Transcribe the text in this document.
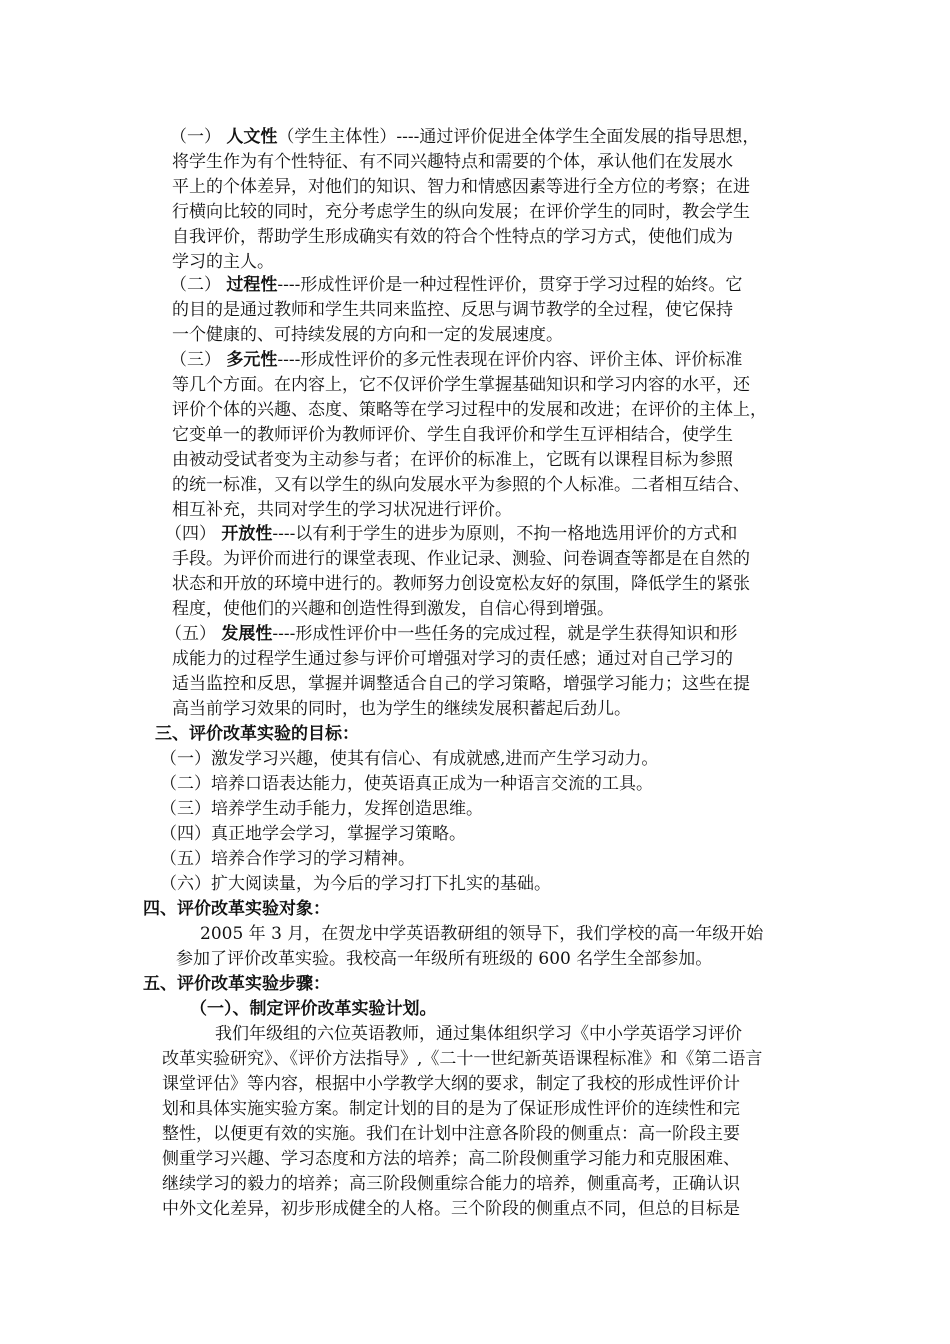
（一） 人文性（学生主体性）----通过评价促进全体学生全面发展的指导思想，
将学生作为有个性特征、有不同兴趣特点和需要的个体，承认他们在发展水
平上的个体差异，对他们的知识、智力和情感因素等进行全方位的考察；在进
行横向比较的同时，充分考虑学生的纵向发展；在评价学生的同时，教会学生
自我评价，帮助学生形成确实有效的符合个性特点的学习方式，使他们成为
学习的主人。
（二） 过程性----形成性评价是一种过程性评价，贯穿于学习过程的始终。它
的目的是通过教师和学生共同来监控、反思与调节教学的全过程，使它保持
一个健康的、可持续发展的方向和一定的发展速度。
（三） 多元性----形成性评价的多元性表现在评价内容、评价主体、评价标准
等几个方面。在内容上，它不仅评价学生掌握基础知识和学习内容的水平，还
评价个体的兴趣、态度、策略等在学习过程中的发展和改进；在评价的主体上，
它变单一的教师评价为教师评价、学生自我评价和学生互评相结合，使学生
由被动受试者变为主动参与者；在评价的标准上，它既有以课程目标为参照
的统一标准，又有以学生的纵向发展水平为参照的个人标准。二者相互结合、
相互补充，共同对学生的学习状况进行评价。
（四） 开放性----以有利于学生的进步为原则，不拘一格地选用评价的方式和
手段。为评价而进行的课堂表现、作业记录、测验、问卷调查等都是在自然的
状态和开放的环境中进行的。教师努力创设宽松友好的氛围，降低学生的紧张
程度，使他们的兴趣和创造性得到激发，自信心得到增强。
（五） 发展性----形成性评价中一些任务的完成过程，就是学生获得知识和形
成能力的过程学生通过参与评价可增强对学习的责任感；通过对自己学习的
适当监控和反思，掌握并调整适合自己的学习策略，增强学习能力；这些在提
高当前学习效果的同时，也为学生的继续发展积蓄起后劲儿。
三、评价改革实验的目标：
（一）激发学习兴趣，使其有信心、有成就感,进而产生学习动力。
（二）培养口语表达能力，使英语真正成为一种语言交流的工具。
（三）培养学生动手能力，发挥创造思维。
（四）真正地学会学习，掌握学习策略。
（五）培养合作学习的学习精神。
（六）扩大阅读量，为今后的学习打下扎实的基础。
四、评价改革实验对象：
2005 年 3 月，在贺龙中学英语教研组的领导下，我们学校的高一年级开始
参加了评价改革实验。我校高一年级所有班级的 600 名学生全部参加。
五、评价改革实验步骤：
（一）、制定评价改革实验计划。
我们年级组的六位英语教师，通过集体组织学习《中小学英语学习评价
改革实验研究》、《评价方法指导》,《二十一世纪新英语课程标准》和《第二语言
课堂评估》等内容，根据中小学教学大纲的要求，制定了我校的形成性评价计
划和具体实施实验方案。制定计划的目的是为了保证形成性评价的连续性和完
整性，以便更有效的实施。我们在计划中注意各阶段的侧重点：高一阶段主要
侧重学习兴趣、学习态度和方法的培养；高二阶段侧重学习能力和克服困难、
继续学习的毅力的培养；高三阶段侧重综合能力的培养，侧重高考，正确认识
中外文化差异，初步形成健全的人格。三个阶段的侧重点不同，但总的目标是
